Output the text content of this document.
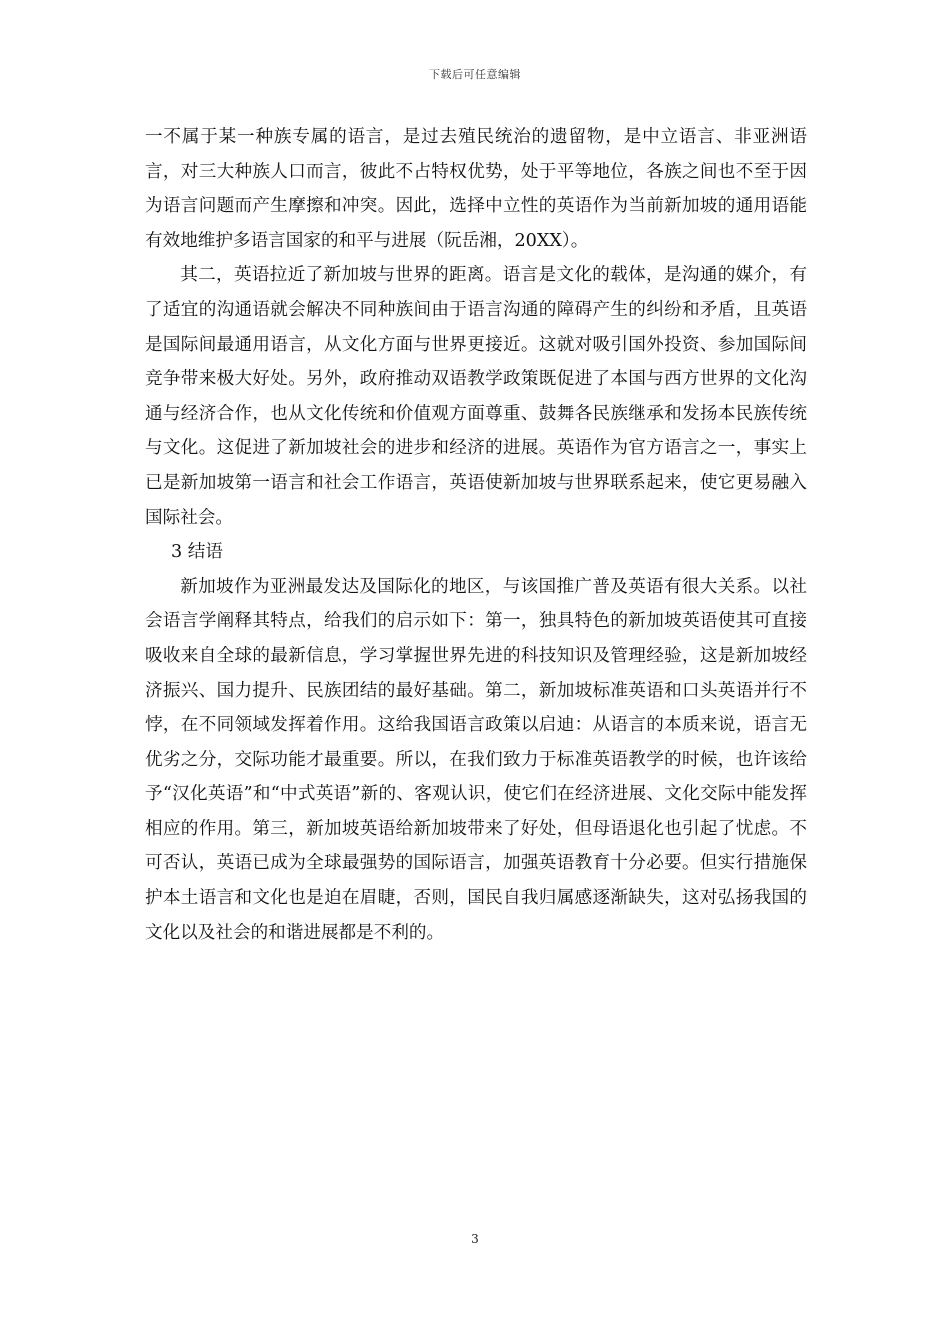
下载后可任意编辑

一不属于某一种族专属的语言，是过去殖民统治的遗留物，是中立语言、非亚洲语言，对三大种族人口而言，彼此不占特权优势，处于平等地位，各族之间也不至于因为语言问题而产生摩擦和冲突。因此，选择中立性的英语作为当前新加坡的通用语能有效地维护多语言国家的和平与进展（阮岳湘，20XX）。

其二，英语拉近了新加坡与世界的距离。语言是文化的载体，是沟通的媒介，有了适宜的沟通语就会解决不同种族间由于语言沟通的障碍产生的纠纷和矛盾，且英语是国际间最通用语言，从文化方面与世界更接近。这就对吸引国外投资、参加国际间竞争带来极大好处。另外，政府推动双语教学政策既促进了本国与西方世界的文化沟通与经济合作，也从文化传统和价值观方面尊重、鼓舞各民族继承和发扬本民族传统与文化。这促进了新加坡社会的进步和经济的进展。英语作为官方语言之一，事实上已是新加坡第一语言和社会工作语言，英语使新加坡与世界联系起来，使它更易融入国际社会。

3 结语

新加坡作为亚洲最发达及国际化的地区，与该国推广普及英语有很大关系。以社会语言学阐释其特点，给我们的启示如下：第一，独具特色的新加坡英语使其可直接吸收来自全球的最新信息，学习掌握世界先进的科技知识及管理经验，这是新加坡经济振兴、国力提升、民族团结的最好基础。第二，新加坡标准英语和口头英语并行不悖，在不同领域发挥着作用。这给我国语言政策以启迪：从语言的本质来说，语言无优劣之分，交际功能才最重要。所以，在我们致力于标准英语教学的时候，也许该给予“汉化英语”和“中式英语”新的、客观认识，使它们在经济进展、文化交际中能发挥相应的作用。第三，新加坡英语给新加坡带来了好处，但母语退化也引起了忧虑。不可否认，英语已成为全球最强势的国际语言，加强英语教育十分必要。但实行措施保护本土语言和文化也是迫在眉睫，否则，国民自我归属感逐渐缺失，这对弘扬我国的文化以及社会的和谐进展都是不利的。

3
